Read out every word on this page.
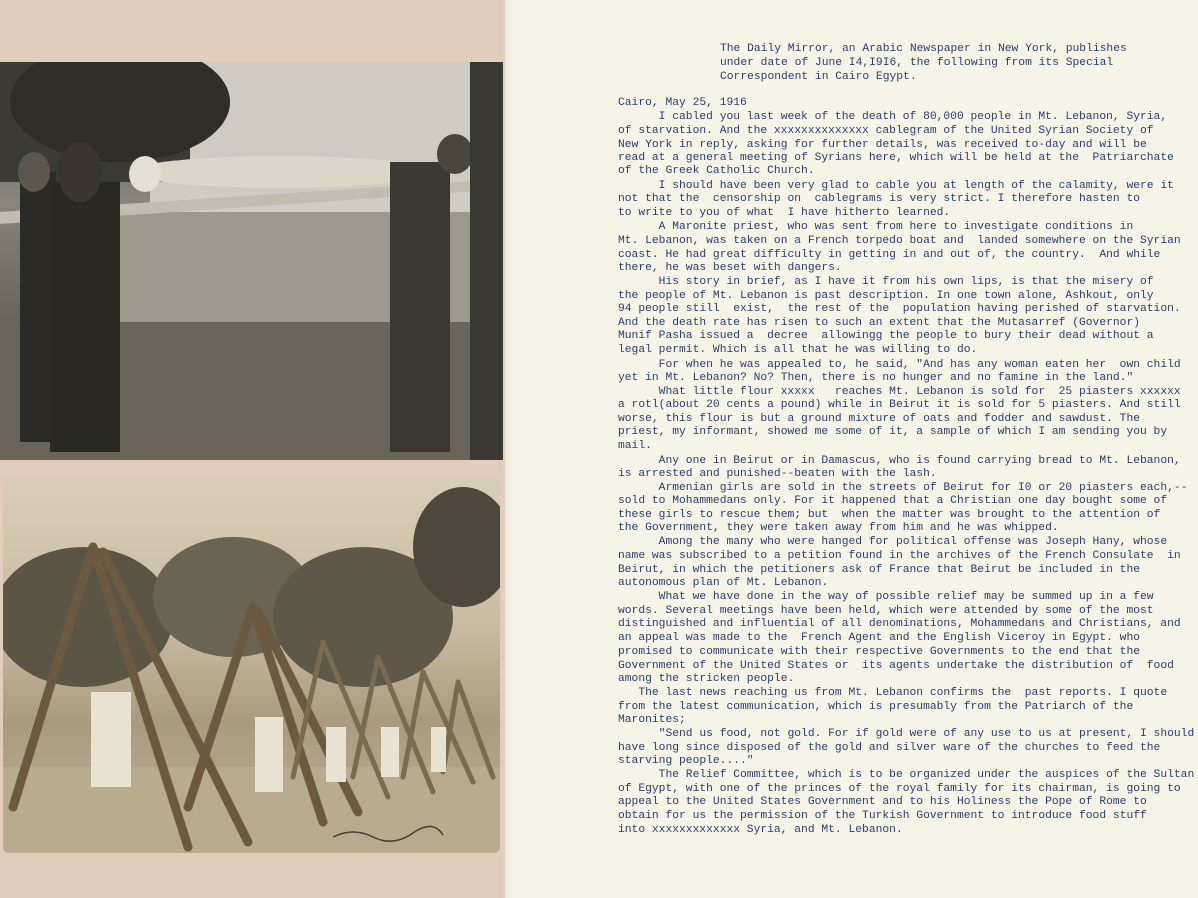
The Daily Mirror, an Arabic Newspaper in New York, publishes
under date of June I4,I9I6, the following from its Special
Correspondent in Cairo Egypt.
Cairo, May 25, 1916
I cabled you last week of the death of 80,000 people in Mt. Lebanon, Syria,
of starvation. And the xxxxxxxxxxxxxx cablegram of the United Syrian Society of
New York in reply, asking for further details, was received to-day and will be
read at a general meeting of Syrians here, which will be held at the  Patriarchate
of the Greek Catholic Church.
I should have been very glad to cable you at length of the calamity, were it
not that the  censorship on  cablegrams is very strict. I therefore hasten to
to write to you of what  I have hitherto learned.
A Maronite priest, who was sent from here to investigate conditions in
Mt. Lebanon, was taken on a French torpedo boat and  landed somewhere on the Syrian
coast. He had great difficulty in getting in and out of, the country.  And while
there, he was beset with dangers.
His story in brief, as I have it from his own lips, is that the misery of
the people of Mt. Lebanon is past description. In one town alone, Ashkout, only
94 people still  exist,  the rest of the  population having perished of starvation.
And the death rate has risen to such an extent that the Mutasarref (Governor)
Munif Pasha issued a  decree  allowingg the people to bury their dead without a
legal permit. Which is all that he was willing to do.
For when he was appealed to, he said, "And has any woman eaten her  own child
yet in Mt. Lebanon? No? Then, there is no hunger and no famine in the land."
What little flour xxxxx   reaches Mt. Lebanon is sold for  25 piasters xxxxxx
a rotl(about 20 cents a pound) while in Beirut it is sold for 5 piasters. And still
worse, this flour is but a ground mixture of oats and fodder and sawdust. The
priest, my informant, showed me some of it, a sample of which I am sending you by
mail.
Any one in Beirut or in Damascus, who is found carrying bread to Mt. Lebanon,
is arrested and punished--beaten with the lash.
Armenian girls are sold in the streets of Beirut for I0 or 20 piasters each,--
sold to Mohammedans only. For it happened that a Christian one day bought some of
these girls to rescue them; but  when the matter was brought to the attention of
the Government, they were taken away from him and he was whipped.
Among the many who were hanged for political offense was Joseph Hany, whose
name was subscribed to a petition found in the archives of the French Consulate  in
Beirut, in which the petitioners ask of France that Beirut be included in the
autonomous plan of Mt. Lebanon.
What we have done in the way of possible relief may be summed up in a few
words. Several meetings have been held, which were attended by some of the most
distinguished and influential of all denominations, Mohammedans and Christians, and
an appeal was made to the  French Agent and the English Viceroy in Egypt. who
promised to communicate with their respective Governments to the end that the
Government of the United States or  its agents undertake the distribution of  food
among the stricken people.
The last news reaching us from Mt. Lebanon confirms the  past reports. I quote
from the latest communication, which is presumably from the Patriarch of the
Maronites;
"Send us food, not gold. For if gold were of any use to us at present, I should
have long since disposed of the gold and silver ware of the churches to feed the
starving people...."
The Relief Committee, which is to be organized under the auspices of the Sultan
of Egypt, with one of the princes of the royal family for its chairman, is going to
appeal to the United States Government and to his Holiness the Pope of Rome to
obtain for us the permission of the Turkish Government to introduce food stuff
into xxxxxxxxxxxxx Syria, and Mt. Lebanon.
